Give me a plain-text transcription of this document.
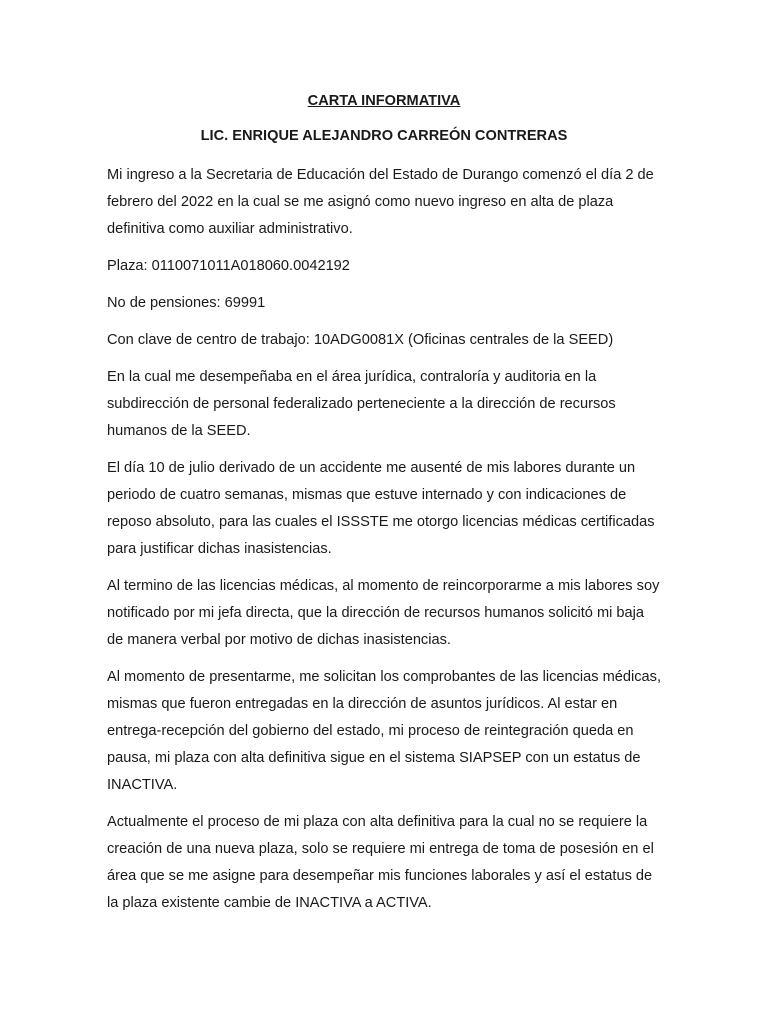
CARTA INFORMATIVA

LIC. ENRIQUE ALEJANDRO CARREÓN CONTRERAS

Mi ingreso a la Secretaria de Educación del Estado de Durango comenzó el día 2 de febrero del 2022 en la cual se me asignó como nuevo ingreso en alta de plaza definitiva como auxiliar administrativo.

Plaza: 0110071011A018060.0042192

No de pensiones: 69991

Con clave de centro de trabajo: 10ADG0081X (Oficinas centrales de la SEED)

En la cual me desempeñaba en el área jurídica, contraloría y auditoria en la subdirección de personal federalizado perteneciente a la dirección de recursos humanos de la SEED.

El día 10 de julio derivado de un accidente me ausenté de mis labores durante un periodo de cuatro semanas, mismas que estuve internado y con indicaciones de reposo absoluto, para las cuales el ISSSTE me otorgo licencias médicas certificadas para justificar dichas inasistencias.

Al termino de las licencias médicas, al momento de reincorporarme a mis labores soy notificado por mi jefa directa, que la dirección de recursos humanos solicitó mi baja de manera verbal por motivo de dichas inasistencias.

Al momento de presentarme, me solicitan los comprobantes de las licencias médicas, mismas que fueron entregadas en la dirección de asuntos jurídicos. Al estar en entrega-recepción del gobierno del estado, mi proceso de reintegración queda en pausa, mi plaza con alta definitiva sigue en el sistema SIAPSEP con un estatus de INACTIVA.

Actualmente el proceso de mi plaza con alta definitiva para la cual no se requiere la creación de una nueva plaza, solo se requiere mi entrega de toma de posesión en el área que se me asigne para desempeñar mis funciones laborales y así el estatus de la plaza existente cambie de INACTIVA a ACTIVA.
